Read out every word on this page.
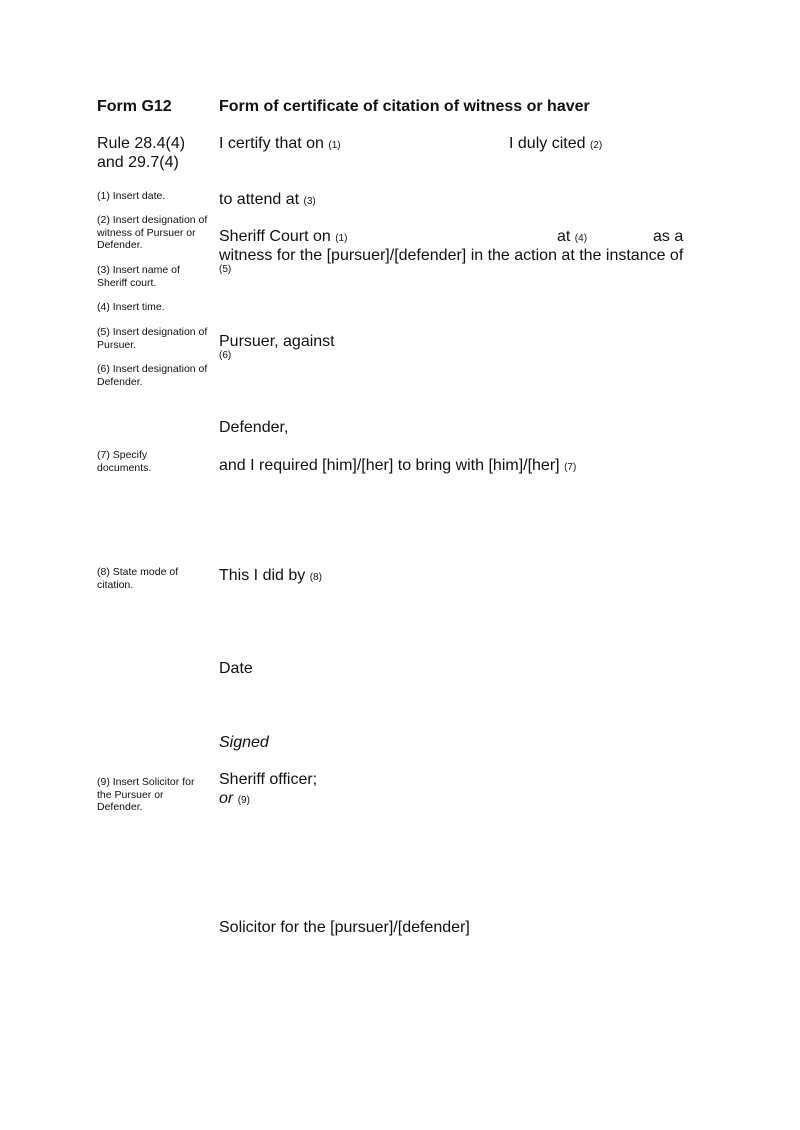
Form G12	Form of certificate of citation of witness or haver
Rule 28.4(4)
and 29.7(4)
(1) Insert date.
(2) Insert designation of witness of Pursuer or Defender.
(3) Insert name of Sheriff court.
(4) Insert time.
(5) Insert designation of Pursuer.
(6) Insert designation of Defender.
(7) Specify documents.
(8) State mode of citation.
(9) Insert Solicitor for the Pursuer or Defender.
I certify that on (1)	I duly cited (2)
to attend at (3)
Sheriff Court on (1)	at (4)	as a
witness for the [pursuer]/[defender] in the action at the instance of
(5)
Pursuer, against
(6)
Defender,
and I required [him]/[her] to bring with [him]/[her] (7)
This I did by (8)
Date
Signed
Sheriff officer;
or (9)
Solicitor for the [pursuer]/[defender]
